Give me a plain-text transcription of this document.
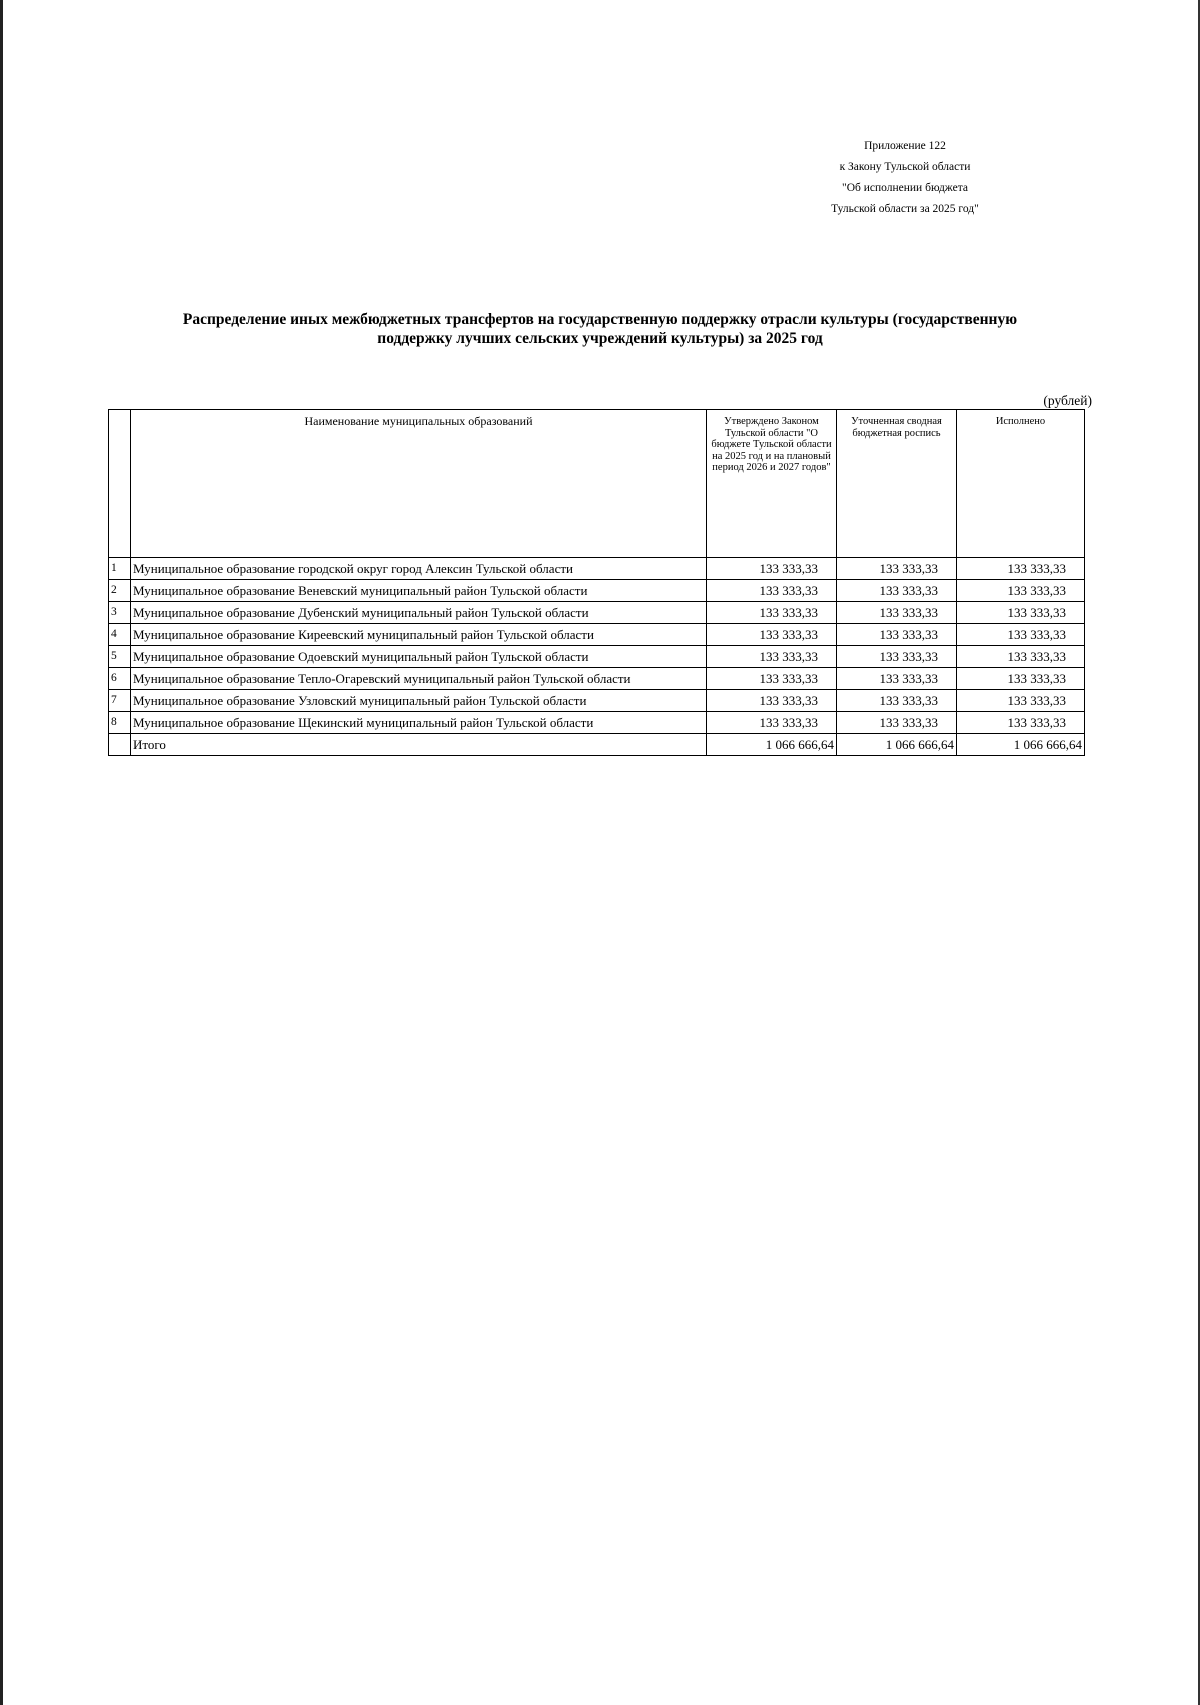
Приложение 122
к Закону Тульской области
"Об исполнении бюджета
Тульской области за 2025 год"
Распределение иных межбюджетных трансфертов на государственную поддержку отрасли культуры (государственную
поддержку лучших сельских учреждений культуры) за 2025 год
(рублей)
	Наименование муниципальных образований	Утверждено Законом Тульской области "О бюджете Тульской области на 2025 год и на плановый период 2026 и 2027 годов"	Уточненная сводная бюджетная роспись	Исполнено
1	Муниципальное образование городской округ город Алексин Тульской области	133 333,33	133 333,33	133 333,33
2	Муниципальное образование Веневский муниципальный район Тульской области	133 333,33	133 333,33	133 333,33
3	Муниципальное образование Дубенский муниципальный район Тульской области	133 333,33	133 333,33	133 333,33
4	Муниципальное образование Киреевский муниципальный район Тульской области	133 333,33	133 333,33	133 333,33
5	Муниципальное образование Одоевский муниципальный район Тульской области	133 333,33	133 333,33	133 333,33
6	Муниципальное образование Тепло-Огаревский муниципальный район Тульской области	133 333,33	133 333,33	133 333,33
7	Муниципальное образование Узловский муниципальный район Тульской области	133 333,33	133 333,33	133 333,33
8	Муниципальное образование Щекинский муниципальный район Тульской области	133 333,33	133 333,33	133 333,33
	Итого	1 066 666,64	1 066 666,64	1 066 666,64
